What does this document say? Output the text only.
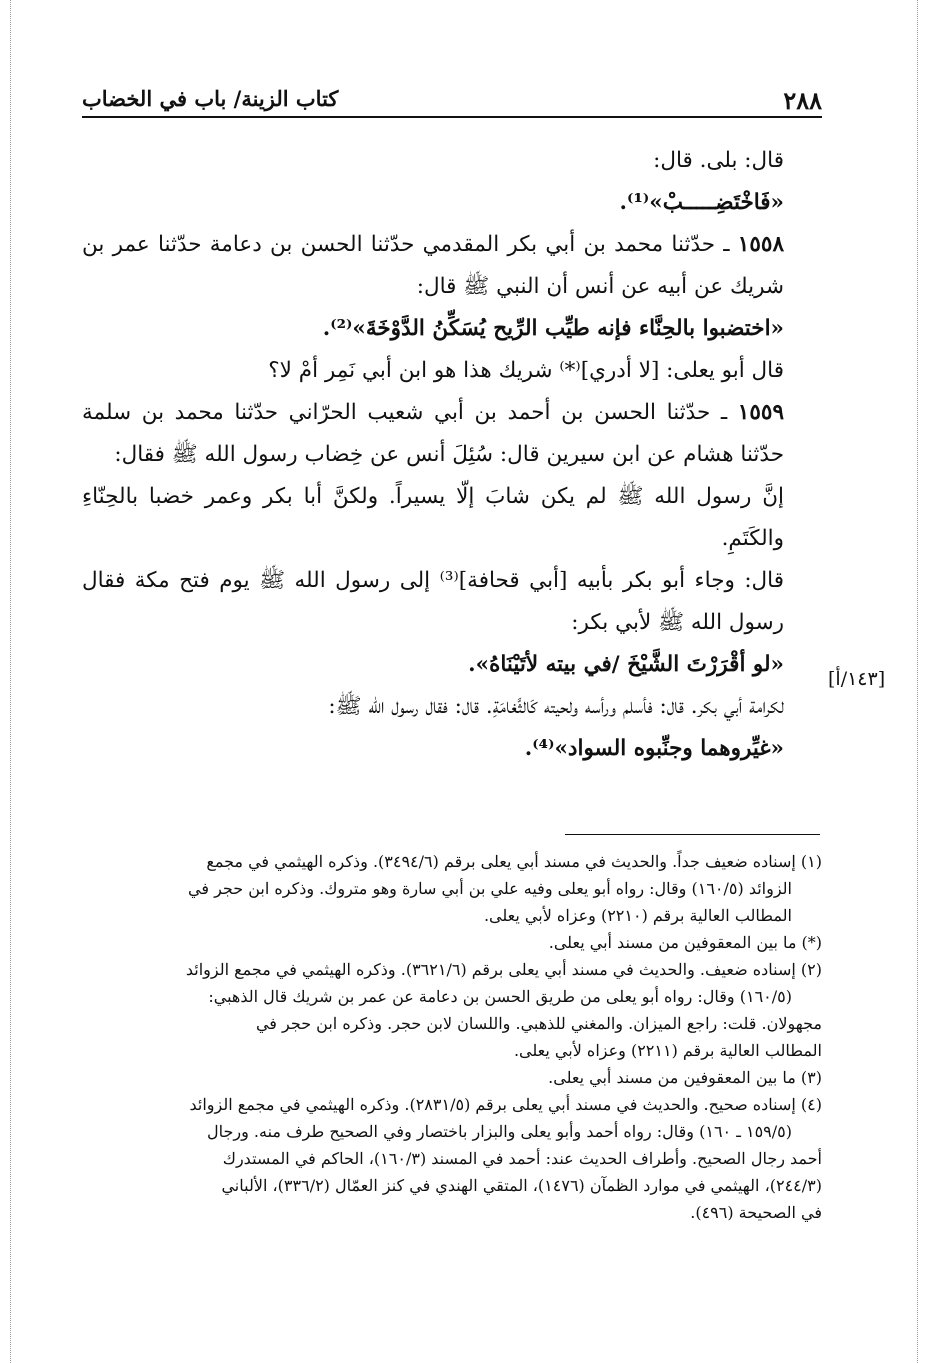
٢٨٨
كتاب الزينة/ باب في الخضاب
[١٤٣/أ]

قال: بلى. قال:

«فَاخْتَضِـــــبْ»⁽¹⁾.

١٥٥٨ ـ حدّثنا محمد بن أبي بكر المقدمي حدّثنا الحسن بن دعامة حدّثنا عمر بن شريك عن أبيه عن أنس أن النبي ﷺ قال:

«اختضبوا بالحِنَّاء فإنه طيِّب الرِّيح يُسَكِّنُ الدَّوْخَةَ»⁽²⁾.

قال أبو يعلى: [لا أدري]⁽*⁾ شريك هذا هو ابن أبي نَمِر أمْ لا؟

١٥٥٩ ـ حدّثنا الحسن بن أحمد بن أبي شعيب الحرّاني حدّثنا محمد بن سلمة حدّثنا هشام عن ابن سيرين قال: سُئِلَ أنس عن خِضاب رسول الله ﷺ فقال:

إنَّ رسول الله ﷺ لم يكن شابَ إلّا يسيراً. ولكنَّ أبا بكر وعمر خضبا بالحِنّاءِ والكَتَمِ.

قال: وجاء أبو بكر بأبيه [أبي قحافة]⁽³⁾ إلى رسول الله ﷺ يوم فتح مكة فقال رسول الله ﷺ لأبي بكر:

«لو أقْرَرْتَ الشَّيْخَ /في بيته لأتَيْنَاهُ».

لكرامة أبي بكر. قال: فأسلم ورأسه ولحيته كَالثَّغامَةِ. قال: فقال رسول الله ﷺ:

«غيِّروهما وجنِّبوه السواد»⁽⁴⁾.

(١) إسناده ضعيف جداً. والحديث في مسند أبي يعلى برقم (٣٤٩٤/٦). وذكره الهيثمي في مجمع

الزوائد (١٦٠/٥) وقال: رواه أبو يعلى وفيه علي بن أبي سارة وهو متروك. وذكره ابن حجر في

المطالب العالية برقم (٢٢١٠) وعزاه لأبي يعلى.

(*) ما بين المعقوفين من مسند أبي يعلى.

(٢) إسناده ضعيف. والحديث في مسند أبي يعلى برقم (٣٦٢١/٦). وذكره الهيثمي في مجمع الزوائد

(١٦٠/٥) وقال: رواه أبو يعلى من طريق الحسن بن دعامة عن عمر بن شريك قال الذهبي:

مجهولان. قلت: راجع الميزان. والمغني للذهبي. واللسان لابن حجر. وذكره ابن حجر في

المطالب العالية برقم (٢٢١١) وعزاه لأبي يعلى.

(٣) ما بين المعقوفين من مسند أبي يعلى.

(٤) إسناده صحيح. والحديث في مسند أبي يعلى برقم (٢٨٣١/٥). وذكره الهيثمي في مجمع الزوائد

(١٥٩/٥ ـ ١٦٠) وقال: رواه أحمد وأبو يعلى والبزار باختصار وفي الصحيح طرف منه. ورجال

أحمد رجال الصحيح. وأطراف الحديث عند: أحمد في المسند (١٦٠/٣)، الحاكم في المستدرك

(٢٤٤/٣)، الهيثمي في موارد الظمآن (١٤٧٦)، المتقي الهندي في كنز العمّال (٣٣٦/٢)، الألباني

في الصحيحة (٤٩٦).
